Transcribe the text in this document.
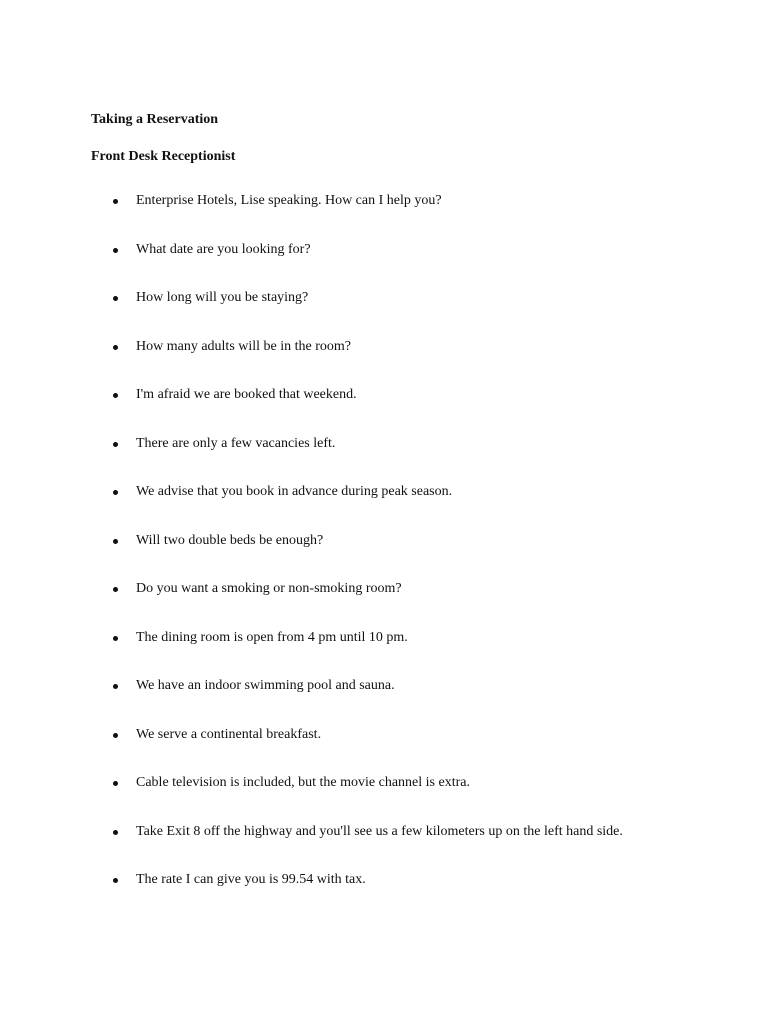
Taking a Reservation
Front Desk Receptionist
Enterprise Hotels, Lise speaking. How can I help you?
What date are you looking for?
How long will you be staying?
How many adults will be in the room?
I'm afraid we are booked that weekend.
There are only a few vacancies left.
We advise that you book in advance during peak season.
Will two double beds be enough?
Do you want a smoking or non-smoking room?
The dining room is open from 4 pm until 10 pm.
We have an indoor swimming pool and sauna.
We serve a continental breakfast.
Cable television is included, but the movie channel is extra.
Take Exit 8 off the highway and you'll see us a few kilometers up on the left hand side.
The rate I can give you is 99.54 with tax.
